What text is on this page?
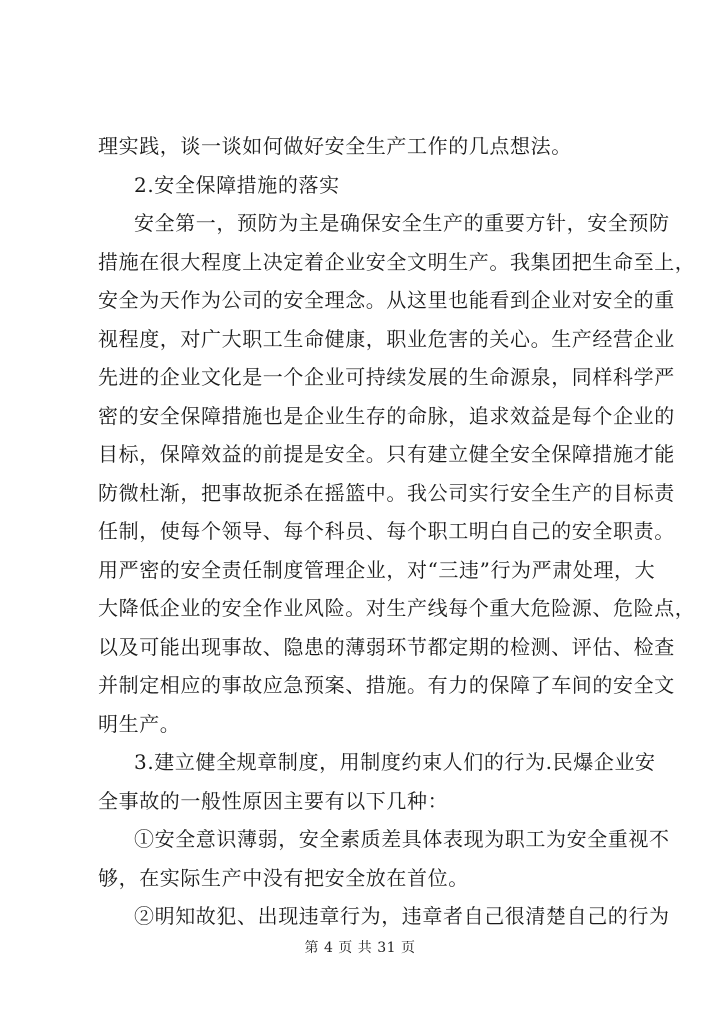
理实践，谈一谈如何做好安全生产工作的几点想法。
2.安全保障措施的落实
安全第一，预防为主是确保安全生产的重要方针，安全预防
措施在很大程度上决定着企业安全文明生产。我集团把生命至上，
安全为天作为公司的安全理念。从这里也能看到企业对安全的重
视程度，对广大职工生命健康，职业危害的关心。生产经营企业
先进的企业文化是一个企业可持续发展的生命源泉，同样科学严
密的安全保障措施也是企业生存的命脉，追求效益是每个企业的
目标，保障效益的前提是安全。只有建立健全安全保障措施才能
防微杜渐，把事故扼杀在摇篮中。我公司实行安全生产的目标责
任制，使每个领导、每个科员、每个职工明白自己的安全职责。
用严密的安全责任制度管理企业，对“三违”行为严肃处理，大
大降低企业的安全作业风险。对生产线每个重大危险源、危险点，
以及可能出现事故、隐患的薄弱环节都定期的检测、评估、检查
并制定相应的事故应急预案、措施。有力的保障了车间的安全文
明生产。
3.建立健全规章制度，用制度约束人们的行为.民爆企业安
全事故的一般性原因主要有以下几种：
①安全意识薄弱，安全素质差具体表现为职工为安全重视不
够，在实际生产中没有把安全放在首位。
②明知故犯、出现违章行为，违章者自己很清楚自己的行为
第 4 页 共 31 页
